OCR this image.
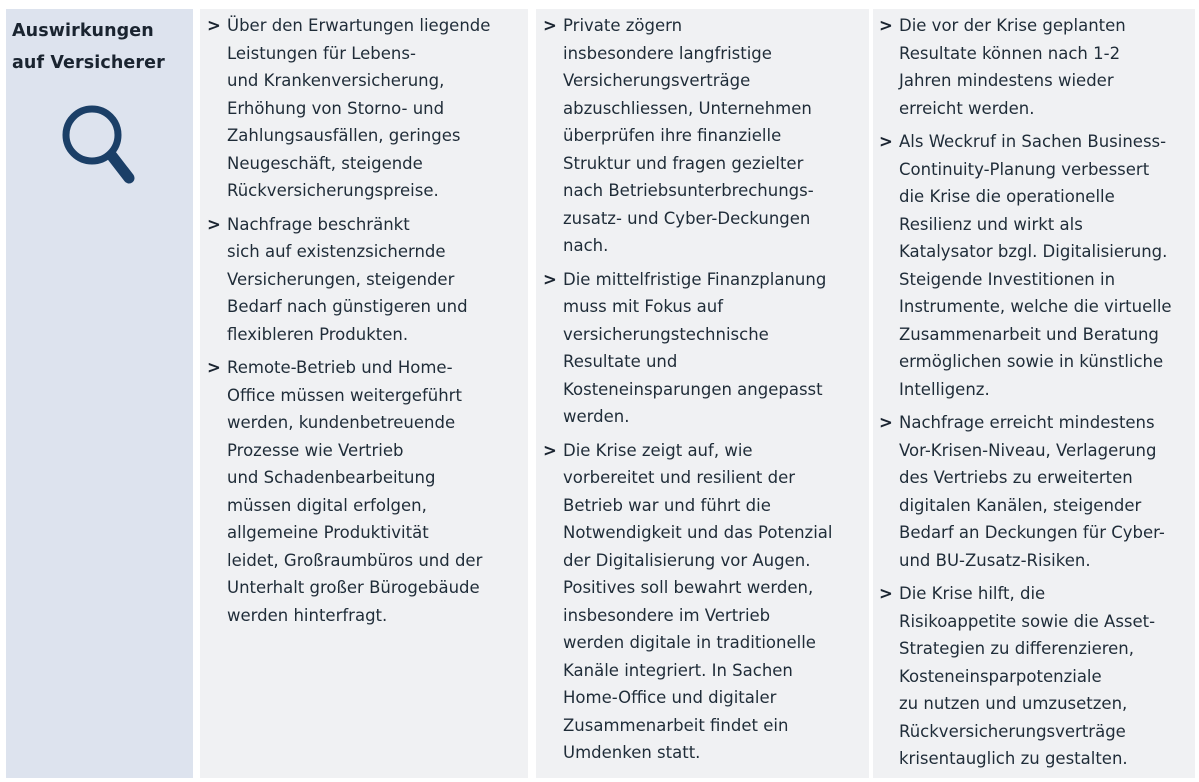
Auswirkungen
auf Versicherer
> Über den Erwartungen liegende
Leistungen für Lebens-
und Krankenversicherung,
Erhöhung von Storno- und
Zahlungsausfällen, geringes
Neugeschäft, steigende
Rückversicherungspreise.
> Nachfrage beschränkt
sich auf existenzsichernde
Versicherungen, steigender
Bedarf nach günstigeren und
flexibleren Produkten.
> Remote-Betrieb und Home-
Office müssen weitergeführt
werden, kundenbetreuende
Prozesse wie Vertrieb
und Schadenbearbeitung
müssen digital erfolgen,
allgemeine Produktivität
leidet, Großraumbüros und der
Unterhalt großer Bürogebäude
werden hinterfragt.
> Private zögern
insbesondere langfristige
Versicherungsverträge
abzuschliessen, Unternehmen
überprüfen ihre finanzielle
Struktur und fragen gezielter
nach Betriebsunterbrechungs-
zusatz- und Cyber-Deckungen
nach.
> Die mittelfristige Finanzplanung
muss mit Fokus auf
versicherungstechnische
Resultate und
Kosteneinsparungen angepasst
werden.
> Die Krise zeigt auf, wie
vorbereitet und resilient der
Betrieb war und führt die
Notwendigkeit und das Potenzial
der Digitalisierung vor Augen.
Positives soll bewahrt werden,
insbesondere im Vertrieb
werden digitale in traditionelle
Kanäle integriert. In Sachen
Home-Office und digitaler
Zusammenarbeit findet ein
Umdenken statt.
> Die vor der Krise geplanten
Resultate können nach 1-2
Jahren mindestens wieder
erreicht werden.
> Als Weckruf in Sachen Business-
Continuity-Planung verbessert
die Krise die operationelle
Resilienz und wirkt als
Katalysator bzgl. Digitalisierung.
Steigende Investitionen in
Instrumente, welche die virtuelle
Zusammenarbeit und Beratung
ermöglichen sowie in künstliche
Intelligenz.
> Nachfrage erreicht mindestens
Vor-Krisen-Niveau, Verlagerung
des Vertriebs zu erweiterten
digitalen Kanälen, steigender
Bedarf an Deckungen für Cyber-
und BU-Zusatz-Risiken.
> Die Krise hilft, die
Risikoappetite sowie die Asset-
Strategien zu differenzieren,
Kosteneinsparpotenziale
zu nutzen und umzusetzen,
Rückversicherungsverträge
krisentauglich zu gestalten.
